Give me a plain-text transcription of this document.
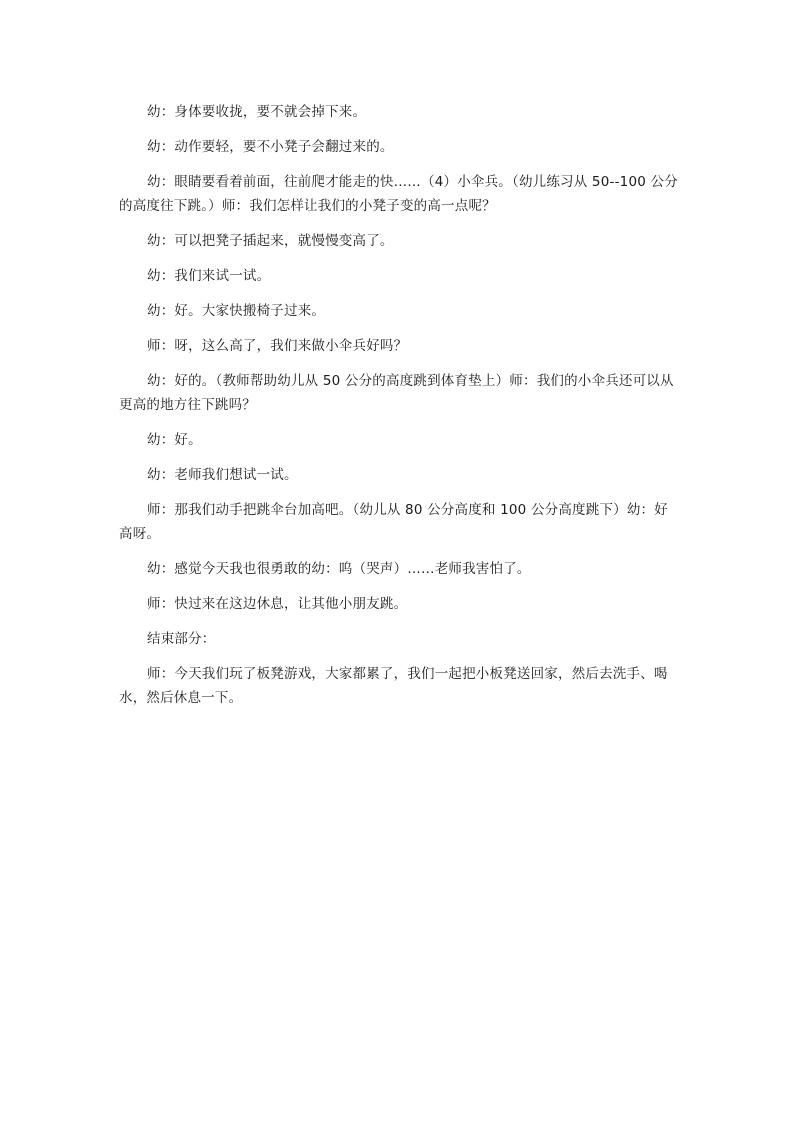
幼：身体要收拢，要不就会掉下来。

幼：动作要轻，要不小凳子会翻过来的。

幼：眼睛要看着前面，往前爬才能走的快……（4）小伞兵。（幼儿练习从 50--100 公分的高度往下跳。）师：我们怎样让我们的小凳子变的高一点呢？

幼：可以把凳子插起来，就慢慢变高了。

幼：我们来试一试。

幼：好。大家快搬椅子过来。

师：呀，这么高了，我们来做小伞兵好吗？

幼：好的。（教师帮助幼儿从 50 公分的高度跳到体育垫上）师：我们的小伞兵还可以从更高的地方往下跳吗？

幼：好。

幼：老师我们想试一试。

师：那我们动手把跳伞台加高吧。（幼儿从 80 公分高度和 100 公分高度跳下）幼：好高呀。

幼：感觉今天我也很勇敢的幼：呜（哭声）……老师我害怕了。

师：快过来在这边休息，让其他小朋友跳。

结束部分：

师：今天我们玩了板凳游戏，大家都累了，我们一起把小板凳送回家，然后去洗手、喝水，然后休息一下。
